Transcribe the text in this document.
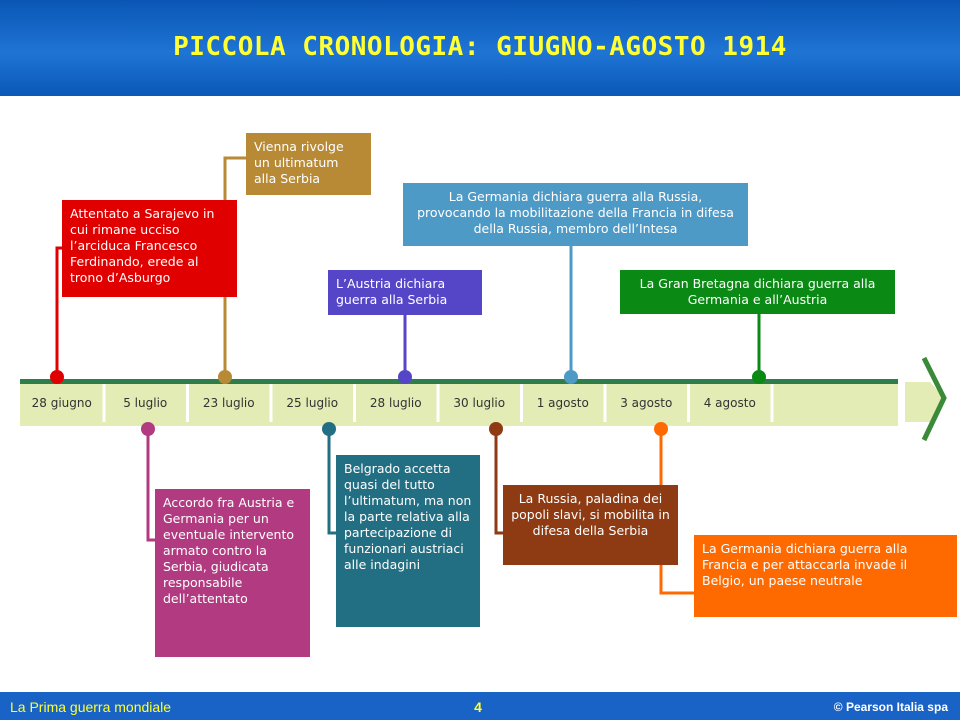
PICCOLA CRONOLOGIA: GIUGNO-AGOSTO 1914
28 giugno	5 luglio	23 luglio	25 luglio	28 luglio	30 luglio	1 agosto	3 agosto	4 agosto
Attentato a Sarajevo in cui rimane ucciso l’arciduca Francesco Ferdinando, erede al trono d’Asburgo
Vienna rivolge un ultimatum alla Serbia
L’Austria dichiara guerra alla Serbia
La Germania dichiara guerra alla Russia, provocando la mobilitazione della Francia in difesa della Russia, membro dell’Intesa
La Gran Bretagna dichiara guerra alla Germania e all’Austria
Accordo fra Austria e Germania per un eventuale intervento armato contro la Serbia, giudicata responsabile dell’attentato
Belgrado accetta quasi del tutto l’ultimatum, ma non la parte relativa alla partecipazione di funzionari austriaci alle indagini
La Russia, paladina dei popoli slavi, si mobilita in difesa della Serbia
La Germania dichiara guerra alla Francia e per attaccarla invade il Belgio, un paese neutrale
La Prima guerra mondiale	4	© Pearson Italia spa
